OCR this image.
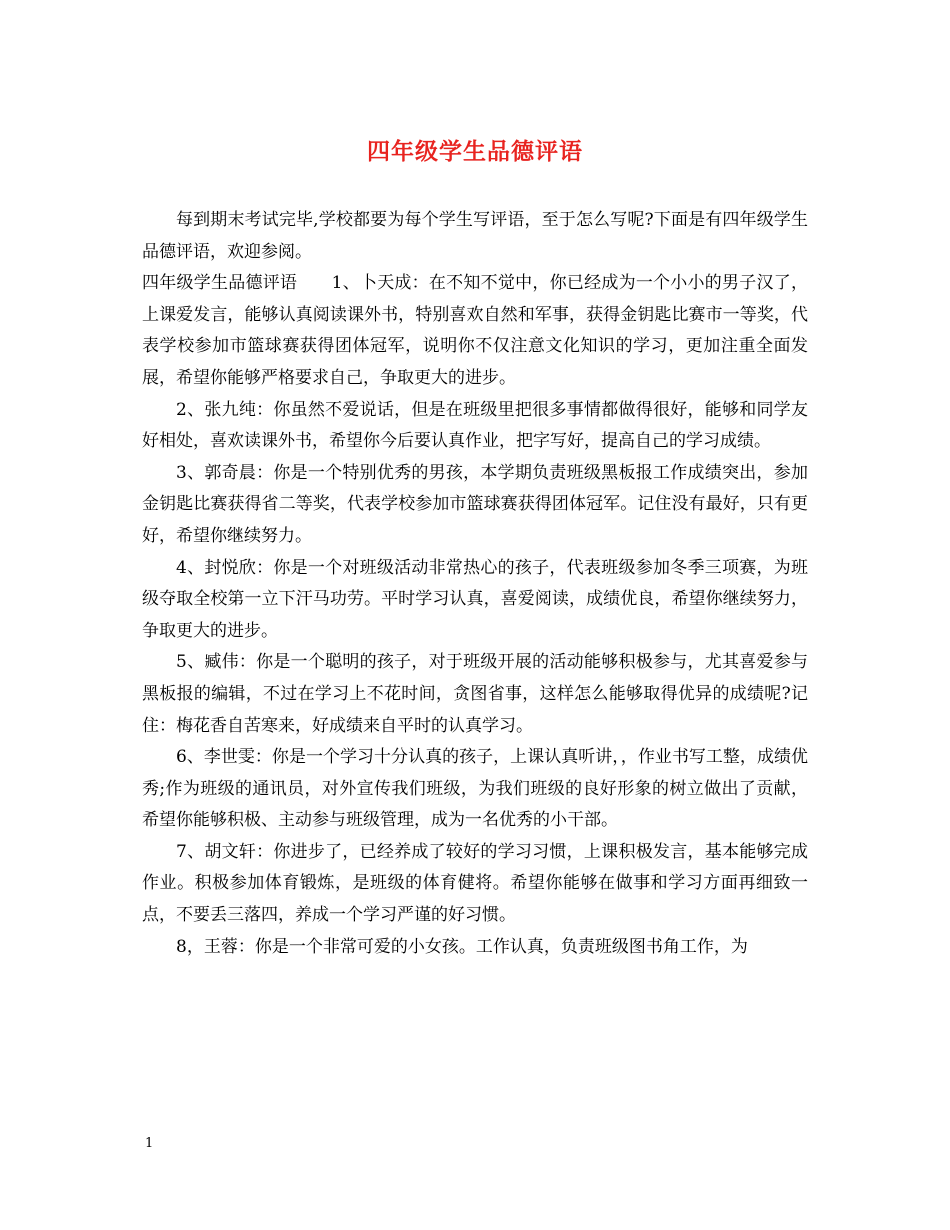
四年级学生品德评语

每到期末考试完毕,学校都要为每个学生写评语，至于怎么写呢?下面是有四年级学生品德评语，欢迎参阅。

四年级学生品德评语　　1、卜天成：在不知不觉中，你已经成为一个小小的男子汉了，上课爱发言，能够认真阅读课外书，特别喜欢自然和军事，获得金钥匙比赛市一等奖，代表学校参加市篮球赛获得团体冠军，说明你不仅注意文化知识的学习，更加注重全面发展，希望你能够严格要求自己，争取更大的进步。

2、张九纯：你虽然不爱说话，但是在班级里把很多事情都做得很好，能够和同学友好相处，喜欢读课外书，希望你今后要认真作业，把字写好，提高自己的学习成绩。

3、郭奇晨：你是一个特别优秀的男孩，本学期负责班级黑板报工作成绩突出，参加金钥匙比赛获得省二等奖，代表学校参加市篮球赛获得团体冠军。记住没有最好，只有更好，希望你继续努力。

4、封悦欣：你是一个对班级活动非常热心的孩子，代表班级参加冬季三项赛，为班级夺取全校第一立下汗马功劳。平时学习认真，喜爱阅读，成绩优良，希望你继续努力，争取更大的进步。

5、臧伟：你是一个聪明的孩子，对于班级开展的活动能够积极参与，尤其喜爱参与黑板报的编辑，不过在学习上不花时间，贪图省事，这样怎么能够取得优异的成绩呢?记住：梅花香自苦寒来，好成绩来自平时的认真学习。

6、李世雯：你是一个学习十分认真的孩子，上课认真听讲，，作业书写工整，成绩优秀;作为班级的通讯员，对外宣传我们班级，为我们班级的良好形象的树立做出了贡献，希望你能够积极、主动参与班级管理，成为一名优秀的小干部。

7、胡文轩：你进步了，已经养成了较好的学习习惯，上课积极发言，基本能够完成作业。积极参加体育锻炼，是班级的体育健将。希望你能够在做事和学习方面再细致一点，不要丢三落四，养成一个学习严谨的好习惯。

8，王蓉：你是一个非常可爱的小女孩。工作认真，负责班级图书角工作，为

1
